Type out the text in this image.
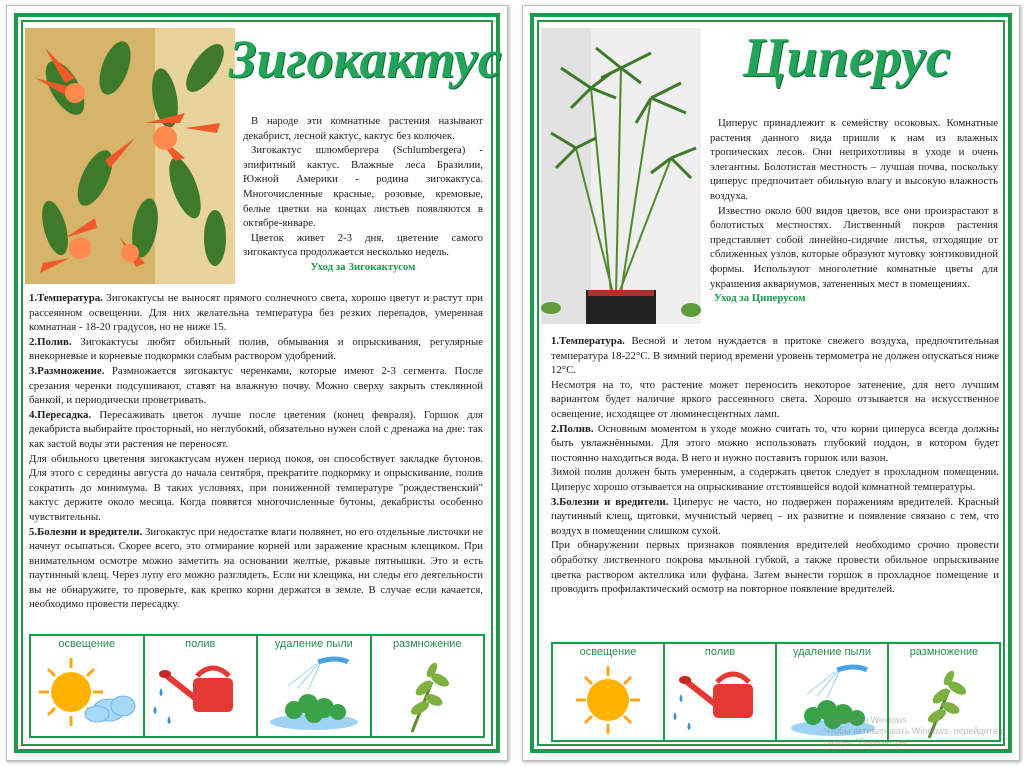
Зигокактус

В народе эти комнатные растения называют декабрист, лесной кактус, кактус без колючек.

Зигокактус шлюмбергера (Schlumbergera) - эпифитный кактус. Влажные леса Бразилии, Южной Америки - родина зигокактуса. Многочисленные красные, розовые, кремовые, белые цветки на концах листьев появляются в октябре-январе.

Цветок живет 2-3 дня, цветение самого зигокактуса продолжается несколько недель.

Уход за Зигокактусом

1.Температура. Зигокактусы не выносят прямого солнечного света, хорошо цветут и растут при рассеянном освещении. Для них желательна температура без резких перепадов, умеренная комнатная - 18-20 градусов, но не ниже 15.

2.Полив. Зигокактусы любят обильный полив, обмывания и опрыскивания, регулярные внекорневые и корневые подкормки слабым раствором удобрений.

3.Размножение. Размножается зигокактус черенками, которые имеют 2-3 сегмента. После срезания черенки подсушивают, ставят на влажную почву. Можно сверху закрыть стеклянной банкой, и периодически проветривать.

4.Пересадка. Пересаживать цветок лучше после цветения (конец февраля). Горшок для декабриста выбирайте просторный, но неглубокий, обязательно нужен слой с дренажа на дне: так как застой воды эти растения не переносят.

Для обильного цветения зигокактусам нужен период покоя, он способствует закладке бутонов. Для этого с середины августа до начала сентября, прекратите подкормку и опрыскивание, полив сократить до минимума. В таких условиях, при пониженной температуре "рождественский" кактус держите около месяца. Когда появятся многочисленные бутоны, декабристы особенно чувствительны.

5.Болезни и вредители. Зигокактус при недостатке влаги полвянет, но его отдельные листочки не начнут осыпаться. Скорее всего, это отмирание корней или заражение красным клещиком. При внимательном осмотре можно заметить на основании желтые, ржавые пятнышки. Это и есть паутинный клещ. Через лупу его можно разглядеть. Если ни клещика, ни следы его деятельности вы не обнаружите, то проверьте, как крепко корни держатся в земле. В случае если качается, необходимо провести пересадку.

освещение	полив	удаление пыли	размножение
Циперус

Циперус принадлежит к семейству осоковых. Комнатные растения данного вида пришли к нам из влажных тропических лесов. Они неприхотливы в уходе и очень элегантны. Болотистая местность – лучшая почва, поскольку циперус предпочитает обильную влагу и высокую влажность воздуха.

Известно около 600 видов цветов, все они произрастают в болотистых местностях. Лиственный покров растения представляет собой линейно-сидячие листья, отходящие от сближенных узлов, которые образуют мутовку зонтиковидной формы. Используют многолетние комнатные цветы для украшения аквариумов, затененных мест в помещениях.

Уход за Циперусом

1.Температура. Весной и летом нуждается в притоке свежего воздуха, предпочтительная температура 18-22°С. В зимний период времени уровень термометра не должен опускаться ниже 12°С.

Несмотря на то, что растение может переносить некоторое затенение, для него лучшим вариантом будет наличие яркого рассеянного света. Хорошо отзывается на искусственное освещение, исходящее от люминесцентных ламп.

2.Полив. Основным моментом в уходе можно считать то, что корни циперуса всегда должны быть увлажнёнными. Для этого можно использовать глубокий поддон, в котором будет постоянно находиться вода. В него и нужно поставить горшок или вазон.

Зимой полив должен быть умеренным, а содержать цветок следует в прохладном помещении. Циперус хорошо отзывается на опрыскивание отстоявшейся водой комнатной температуры.

3.Болезни и вредители. Циперус не часто, но подвержен поражениям вредителей. Красный паутинный клещ, щитовки, мучнистый червец – их развитие и появление связано с тем, что воздух в помещении слишком сухой.

При обнаружении первых признаков появления вредителей необходимо срочно провести обработку лиственного покрова мыльной губкой, а также провести обильное опрыскивание цветка раствором актеллика или фуфана. Затем вынести горшок в прохладное помещение и проводить профилактический осмотр на повторное появление вредителей.

освещение	полив	удаление пыли	размножение
Активация Windows
Чтобы активировать Windows, перейдите в
раздел "Параметры".
